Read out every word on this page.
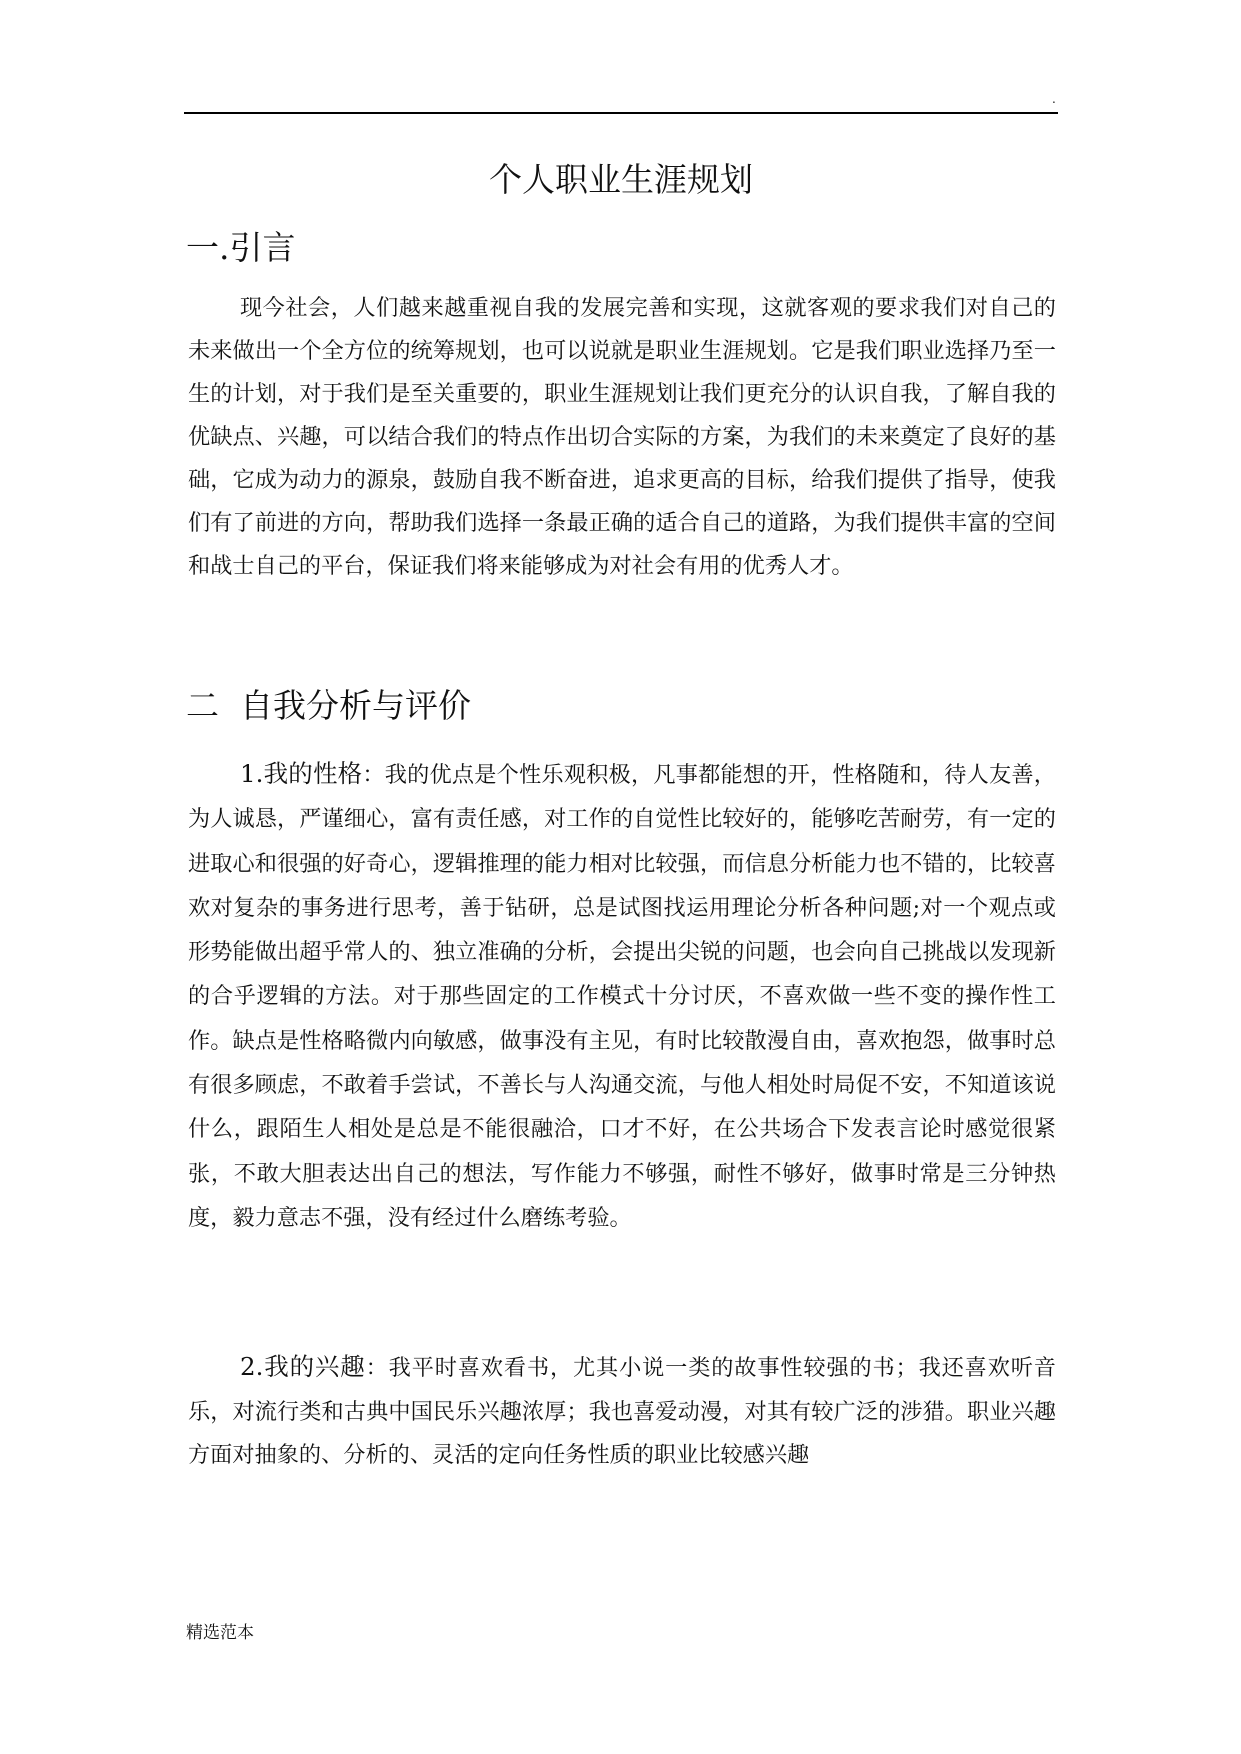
.
个人职业生涯规划
一.引言

现今社会，人们越来越重视自我的发展完善和实现，这就客观的要求我们对自己的未来做出一个全方位的统筹规划，也可以说就是职业生涯规划。它是我们职业选择乃至一生的计划，对于我们是至关重要的，职业生涯规划让我们更充分的认识自我，了解自我的优缺点、兴趣，可以结合我们的特点作出切合实际的方案，为我们的未来奠定了良好的基础，它成为动力的源泉，鼓励自我不断奋进，追求更高的目标，给我们提供了指导，使我们有了前进的方向，帮助我们选择一条最正确的适合自己的道路，为我们提供丰富的空间和战士自己的平台，保证我们将来能够成为对社会有用的优秀人才。

二  自我分析与评价

1.我的性格：我的优点是个性乐观积极，凡事都能想的开，性格随和，待人友善，为人诚恳，严谨细心，富有责任感，对工作的自觉性比较好的，能够吃苦耐劳，有一定的进取心和很强的好奇心，逻辑推理的能力相对比较强，而信息分析能力也不错的，比较喜欢对复杂的事务进行思考，善于钻研，总是试图找运用理论分析各种问题;对一个观点或形势能做出超乎常人的、独立准确的分析，会提出尖锐的问题，也会向自己挑战以发现新的合乎逻辑的方法。对于那些固定的工作模式十分讨厌，不喜欢做一些不变的操作性工作。缺点是性格略微内向敏感，做事没有主见，有时比较散漫自由，喜欢抱怨，做事时总有很多顾虑，不敢着手尝试，不善长与人沟通交流，与他人相处时局促不安，不知道该说什么，跟陌生人相处是总是不能很融洽，口才不好，在公共场合下发表言论时感觉很紧张，不敢大胆表达出自己的想法，写作能力不够强，耐性不够好，做事时常是三分钟热度，毅力意志不强，没有经过什么磨练考验。

2.我的兴趣：我平时喜欢看书，尤其小说一类的故事性较强的书；我还喜欢听音乐，对流行类和古典中国民乐兴趣浓厚；我也喜爱动漫，对其有较广泛的涉猎。职业兴趣方面对抽象的、分析的、灵活的定向任务性质的职业比较感兴趣

精选范本
